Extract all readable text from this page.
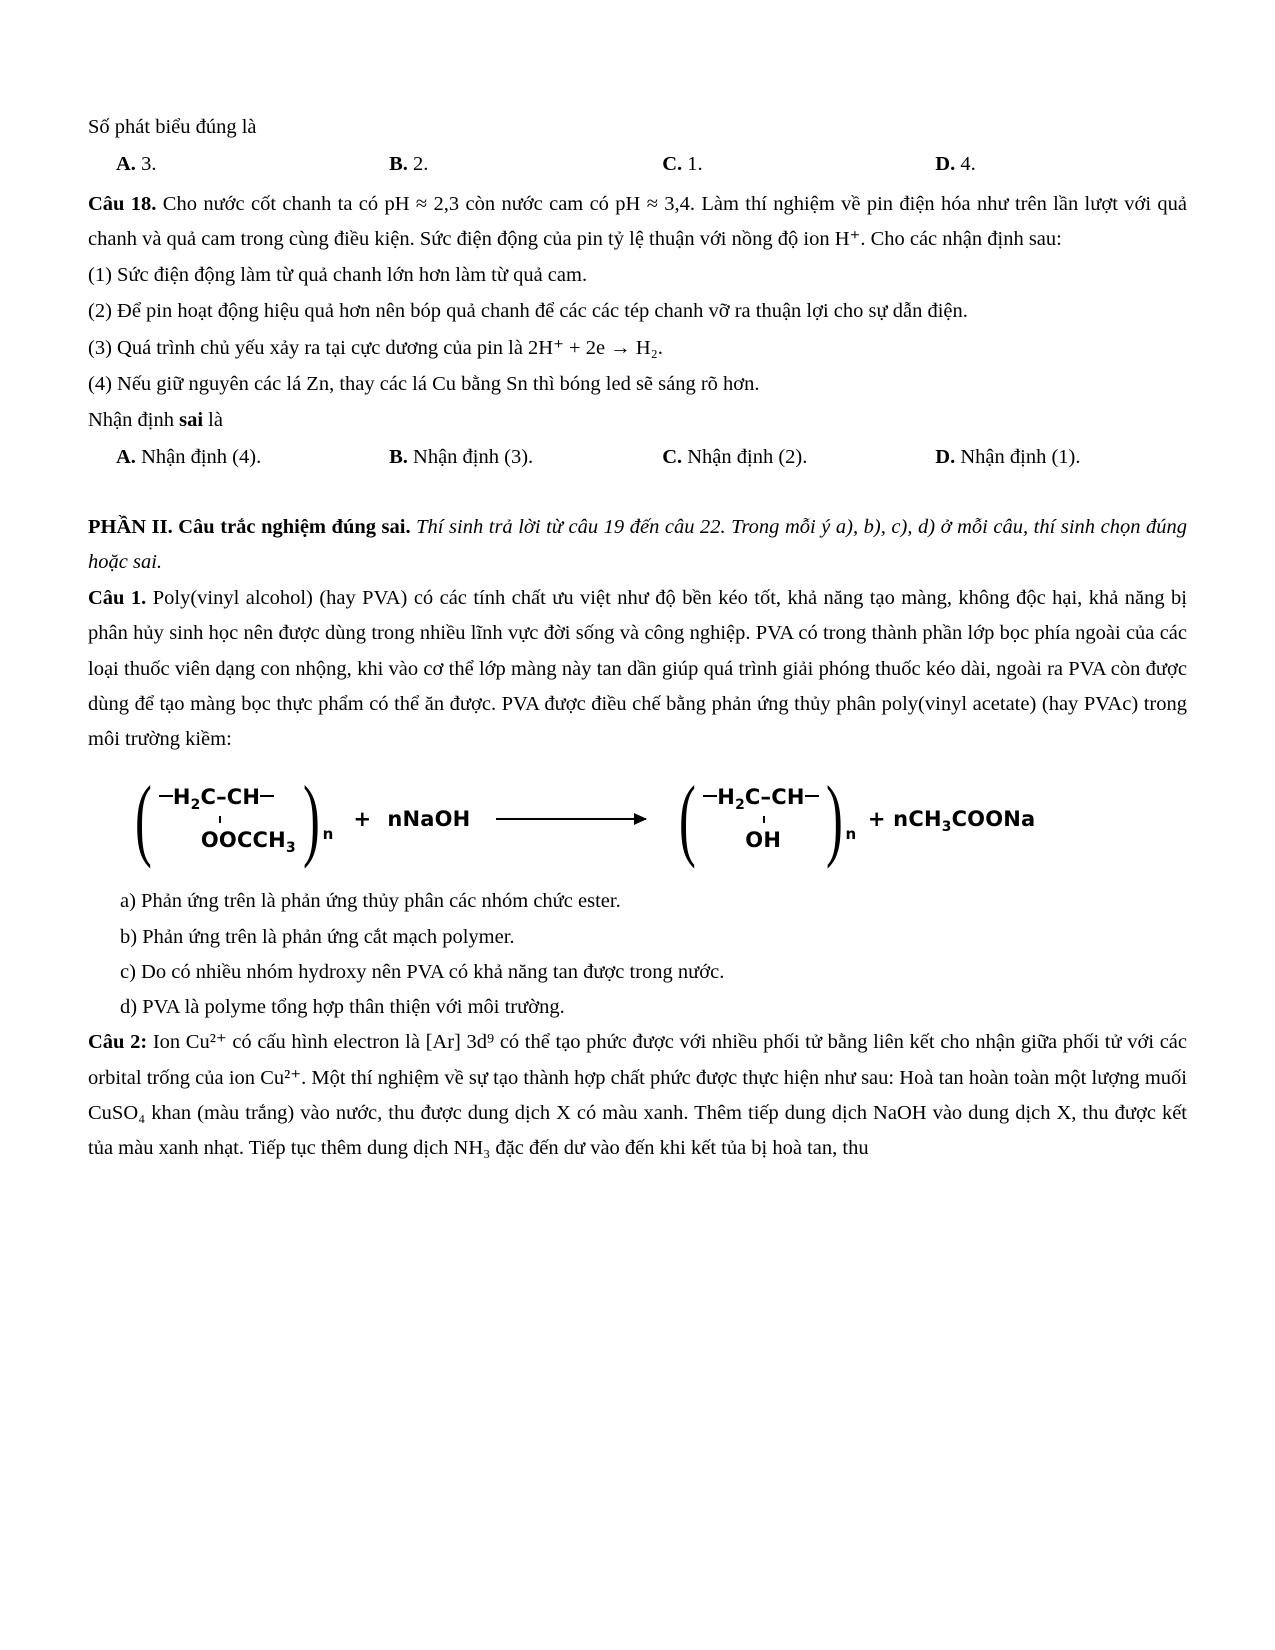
Số phát biểu đúng là

A. 3.	B. 2.	C. 1.	D. 4.

Câu 18. Cho nước cốt chanh ta có pH ≈ 2,3 còn nước cam có pH ≈ 3,4. Làm thí nghiệm về pin điện hóa như trên lần lượt với quả chanh và quả cam trong cùng điều kiện. Sức điện động của pin tỷ lệ thuận với nồng độ ion H⁺. Cho các nhận định sau:

(1) Sức điện động làm từ quả chanh lớn hơn làm từ quả cam.

(2) Để pin hoạt động hiệu quả hơn nên bóp quả chanh để các các tép chanh vỡ ra thuận lợi cho sự dẫn điện.

(3) Quá trình chủ yếu xảy ra tại cực dương của pin là 2H⁺ + 2e → H₂.

(4) Nếu giữ nguyên các lá Zn, thay các lá Cu bằng Sn thì bóng led sẽ sáng rõ hơn.

Nhận định sai là

A. Nhận định (4).	B. Nhận định (3).	C. Nhận định (2).	D. Nhận định (1).

PHẦN II. Câu trắc nghiệm đúng sai. Thí sinh trả lời từ câu 19 đến câu 22. Trong mỗi ý a), b), c), d) ở mỗi câu, thí sinh chọn đúng hoặc sai.

Câu 1. Poly(vinyl alcohol) (hay PVA) có các tính chất ưu việt như độ bền kéo tốt, khả năng tạo màng, không độc hại, khả năng bị phân hủy sinh học nên được dùng trong nhiều lĩnh vực đời sống và công nghiệp. PVA có trong thành phần lớp bọc phía ngoài của các loại thuốc viên dạng con nhộng, khi vào cơ thể lớp màng này tan dần giúp quá trình giải phóng thuốc kéo dài, ngoài ra PVA còn được dùng để tạo màng bọc thực phẩm có thể ăn được. PVA được điều chế bằng phản ứng thủy phân poly(vinyl acetate) (hay PVAc) trong môi trường kiềm:

( $H_2C-CH$
$OOCCH_3$ ) n
+ nNaOH ( $H_2C-CH$
OH ) n
+ nCH$_3$COONa

a) Phản ứng trên là phản ứng thủy phân các nhóm chức ester.

b) Phản ứng trên là phản ứng cắt mạch polymer.

c) Do có nhiều nhóm hydroxy nên PVA có khả năng tan được trong nước.

d) PVA là polyme tổng hợp thân thiện với môi trường.

Câu 2: Ion Cu²⁺ có cấu hình electron là [Ar] 3d⁹ có thể tạo phức được với nhiều phối tử bằng liên kết cho nhận giữa phối tử với các orbital trống của ion Cu²⁺. Một thí nghiệm về sự tạo thành hợp chất phức được thực hiện như sau: Hoà tan hoàn toàn một lượng muối CuSO₄ khan (màu trắng) vào nước, thu được dung dịch X có màu xanh. Thêm tiếp dung dịch NaOH vào dung dịch X, thu được kết tủa màu xanh nhạt. Tiếp tục thêm dung dịch NH₃ đặc đến dư vào đến khi kết tủa bị hoà tan, thu
